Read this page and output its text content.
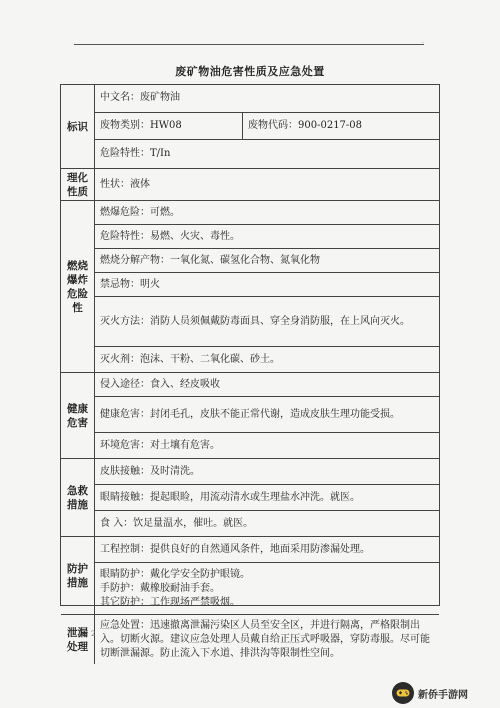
·
废矿物油危害性质及应急处置
标识
中文名：废矿物油
废物类别：HW08	废物代码：900-0217-08
危险特性：T/In
理化
性质
性状：液体
燃烧
爆炸
危险
性
燃爆危险：可燃。
危险特性：易燃、火灾、毒性。
燃烧分解产物：一氧化氮、碳氢化合物、氮氧化物
禁忌物：明火
灭火方法：消防人员须佩戴防毒面具、穿全身消防服，在上风向灭火。
灭火剂：泡沫、干粉、二氧化碳、砂土。
健康
危害
侵入途径：食入、经皮吸收
健康危害：封闭毛孔，皮肤不能正常代谢，造成皮肤生理功能受损。
环境危害：对土壤有危害。
急救
措施
皮肤接触：及时清洗。
眼睛接触：提起眼睑，用流动清水或生理盐水冲洗。就医。
食 入：饮足量温水，催吐。就医。
防护
措施
工程控制：提供良好的自然通风条件，地面采用防渗漏处理。
眼睛防护：戴化学安全防护眼镜。
手防护：戴橡胶耐油手套。
其它防护：工作现场严禁吸烟。
泄漏
处理
应急处置：迅速撤离泄漏污染区人员至安全区，并进行隔离，严格限制出入。切断火源。建议应急处理人员戴自给正压式呼吸器，穿防毒服。尽可能切断泄漏源。防止流入下水道、排洪沟等限制性空间。
2
新侨手游网
